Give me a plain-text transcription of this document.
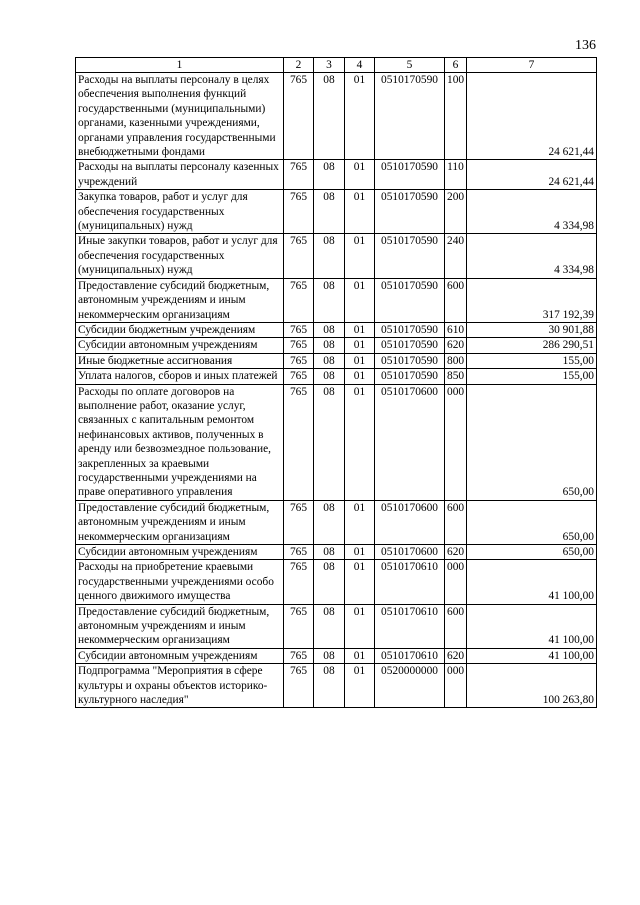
136
1	2	3	4	5	6	7
Расходы на выплаты персоналу в целях обеспечения выполнения функций государственными (муниципальными) органами, казенными учреждениями, органами управления государственными внебюджетными фондами	765	08	01	0510170590	100	24 621,44
Расходы на выплаты персоналу казенных учреждений	765	08	01	0510170590	110	24 621,44
Закупка товаров, работ и услуг для обеспечения государственных (муниципальных) нужд	765	08	01	0510170590	200	4 334,98
Иные закупки товаров, работ и услуг для обеспечения государственных (муниципальных) нужд	765	08	01	0510170590	240	4 334,98
Предоставление субсидий бюджетным, автономным учреждениям и иным некоммерческим организациям	765	08	01	0510170590	600	317 192,39
Субсидии бюджетным учреждениям	765	08	01	0510170590	610	30 901,88
Субсидии автономным учреждениям	765	08	01	0510170590	620	286 290,51
Иные бюджетные ассигнования	765	08	01	0510170590	800	155,00
Уплата налогов, сборов и иных платежей	765	08	01	0510170590	850	155,00
Расходы по оплате договоров на выполнение работ, оказание услуг, связанных с капитальным ремонтом нефинансовых активов, полученных в аренду или безвозмездное пользование, закрепленных за краевыми государственными учреждениями на праве оперативного управления	765	08	01	0510170600	000	650,00
Предоставление субсидий бюджетным, автономным учреждениям и иным некоммерческим организациям	765	08	01	0510170600	600	650,00
Субсидии автономным учреждениям	765	08	01	0510170600	620	650,00
Расходы на приобретение краевыми государственными учреждениями особо ценного движимого имущества	765	08	01	0510170610	000	41 100,00
Предоставление субсидий бюджетным, автономным учреждениям и иным некоммерческим организациям	765	08	01	0510170610	600	41 100,00
Субсидии автономным учреждениям	765	08	01	0510170610	620	41 100,00
Подпрограмма "Мероприятия в сфере культуры и охраны объектов историко-культурного наследия"	765	08	01	0520000000	000	100 263,80
